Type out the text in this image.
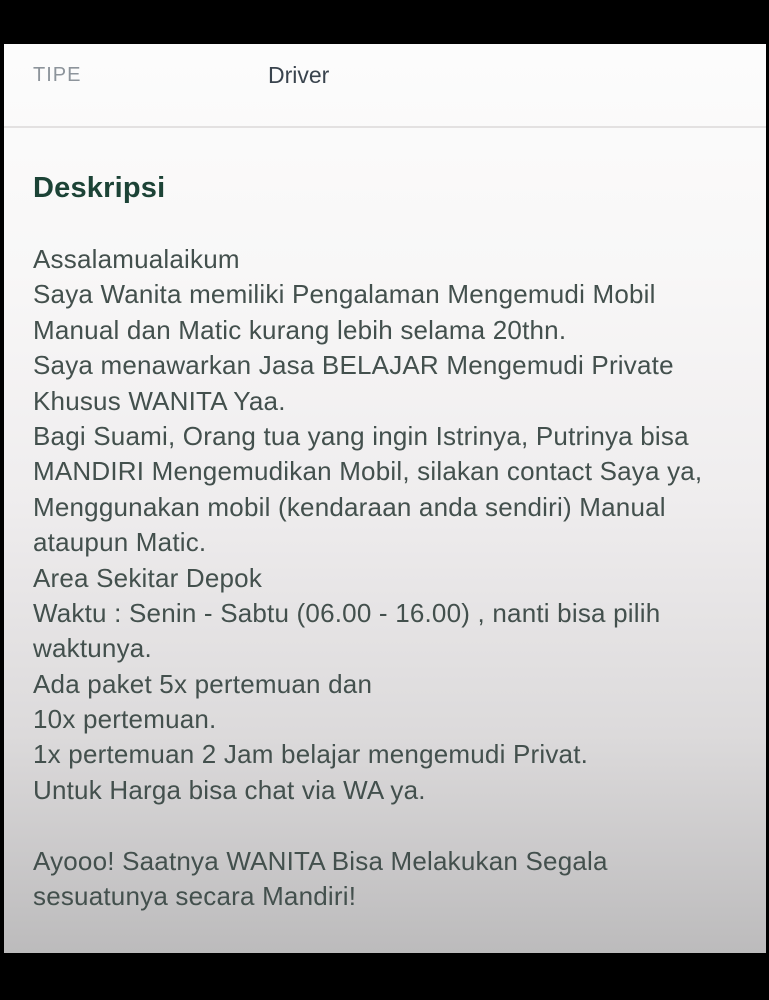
TIPE	Driver
Deskripsi
Assalamualaikum
Saya Wanita memiliki Pengalaman Mengemudi Mobil
Manual dan Matic kurang lebih selama 20thn.
Saya menawarkan Jasa BELAJAR Mengemudi Private
Khusus WANITA Yaa.
Bagi Suami, Orang tua yang ingin Istrinya, Putrinya bisa
MANDIRI Mengemudikan Mobil, silakan contact Saya ya,
Menggunakan mobil (kendaraan anda sendiri) Manual
ataupun Matic.
Area Sekitar Depok
Waktu : Senin - Sabtu (06.00 - 16.00) , nanti bisa pilih
waktunya.
Ada paket 5x pertemuan dan
10x pertemuan.
1x pertemuan 2 Jam belajar mengemudi Privat.
Untuk Harga bisa chat via WA ya.

Ayooo! Saatnya WANITA Bisa Melakukan Segala
sesuatunya secara Mandiri!
